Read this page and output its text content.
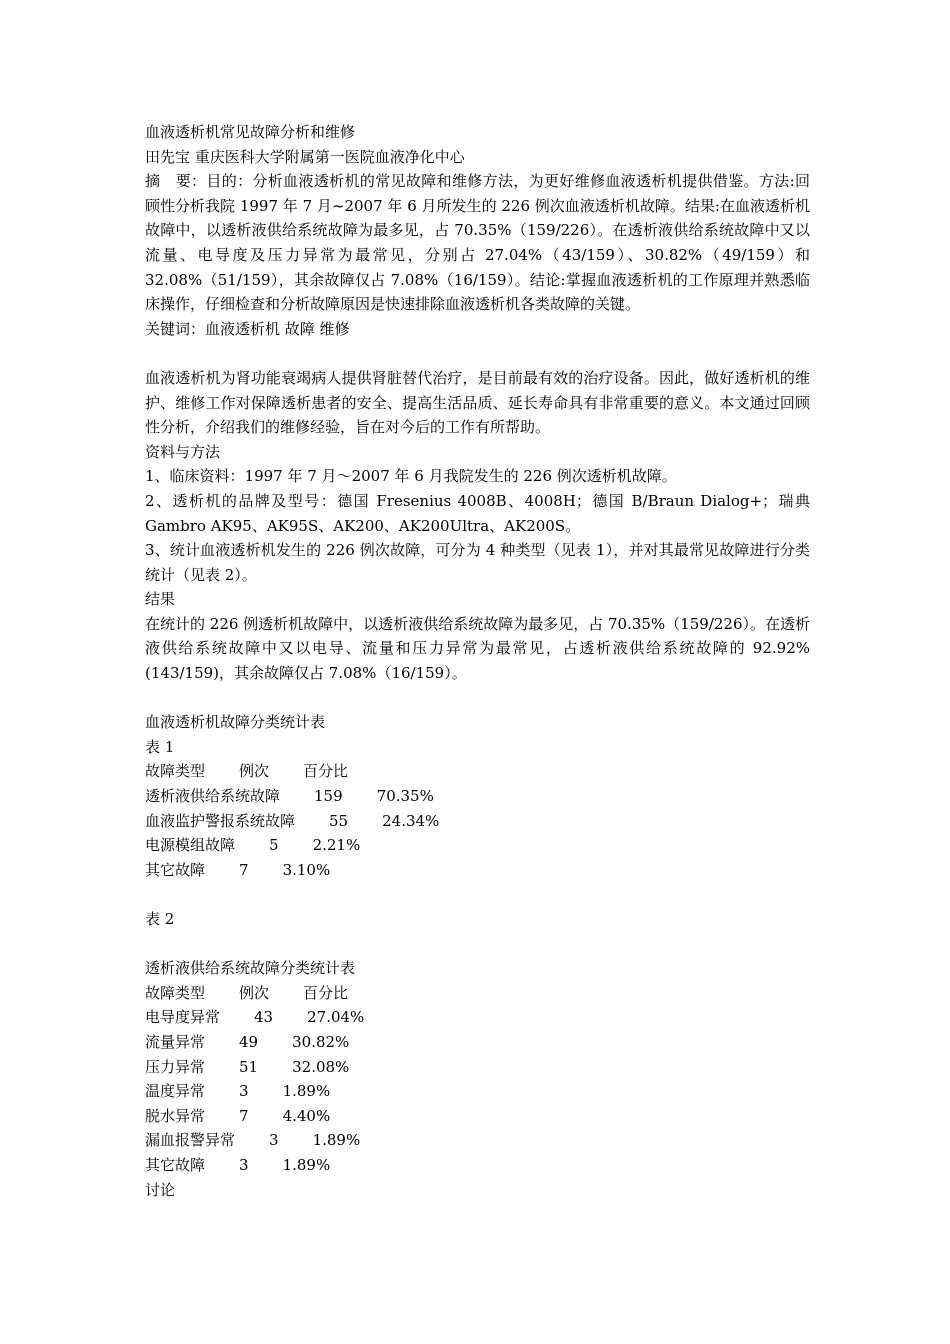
血液透析机常见故障分析和维修

田先宝 重庆医科大学附属第一医院血液净化中心

摘　要：目的：分析血液透析机的常见故障和维修方法，为更好维修血液透析机提供借鉴。方法:回顾性分析我院 1997 年 7 月~2007 年 6 月所发生的 226 例次血液透析机故障。结果:在血液透析机故障中，以透析液供给系统故障为最多见，占 70.35%（159/226）。在透析液供给系统故障中又以流量、电导度及压力异常为最常见，分别占 27.04%（43/159）、30.82%（49/159）和 32.08%（51/159），其余故障仅占 7.08%（16/159）。结论:掌握血液透析机的工作原理并熟悉临床操作，仔细检查和分析故障原因是快速排除血液透析机各类故障的关键。

关键词：血液透析机 故障 维修

血液透析机为肾功能衰竭病人提供肾脏替代治疗，是目前最有效的治疗设备。因此，做好透析机的维护、维修工作对保障透析患者的安全、提高生活品质、延长寿命具有非常重要的意义。本文通过回顾性分析，介绍我们的维修经验，旨在对今后的工作有所帮助。

资料与方法

1、临床资料：1997 年 7 月～2007 年 6 月我院发生的 226 例次透析机故障。

2、透析机的品牌及型号：德国 Fresenius 4008B、4008H；德国 B/Braun Dialog+；瑞典 Gambro AK95、AK95S、AK200、AK200Ultra、AK200S。

3、统计血液透析机发生的 226 例次故障，可分为 4 种类型（见表 1），并对其最常见故障进行分类统计（见表 2）。

结果

在统计的 226 例透析机故障中，以透析液供给系统故障为最多见，占 70.35%（159/226）。在透析液供给系统故障中又以电导、流量和压力异常为最常见，占透析液供给系统故障的 92.92%(143/159)，其余故障仅占 7.08%（16/159）。

血液透析机故障分类统计表

表 1

故障类型 例次 百分比

透析液供给系统故障 159 70.35%

血液监护警报系统故障 55 24.34%

电源模组故障 5 2.21%

其它故障 7 3.10%

表 2

透析液供给系统故障分类统计表

故障类型 例次 百分比

电导度异常 43 27.04%

流量异常 49 30.82%

压力异常 51 32.08%

温度异常 3 1.89%

脱水异常 7 4.40%

漏血报警异常 3 1.89%

其它故障 3 1.89%

讨论
